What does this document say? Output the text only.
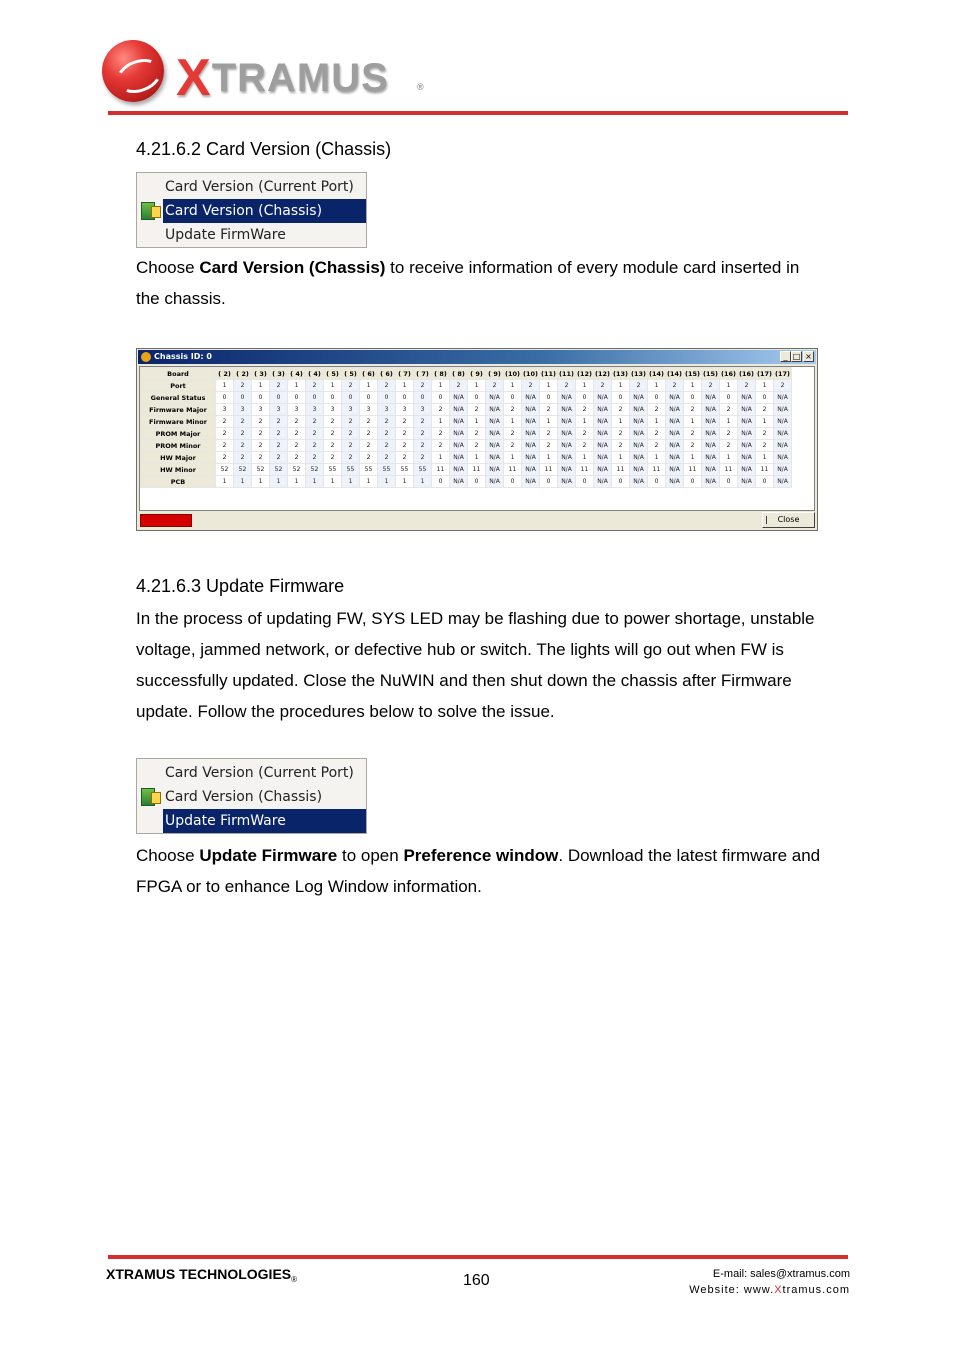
XTRAMUS	®
4.21.6.2 Card Version (Chassis)
Card Version (Current Port)
Card Version (Chassis)
Update FirmWare
Choose Card Version (Chassis) to receive information of every module card inserted in the chassis.
Chassis ID: 0	_ □ ×
Board	( 2)	( 2)	( 3)	( 3)	( 4)	( 4)	( 5)	( 5)	( 6)	( 6)	( 7)	( 7)	( 8)	( 8)	( 9)	( 9)	(10)	(10)	(11)	(11)	(12)	(12)	(13)	(13)	(14)	(14)	(15)	(15)	(16)	(16)	(17)	(17)
Port	1	2	1	2	1	2	1	2	1	2	1	2	1	2	1	2	1	2	1	2	1	2	1	2	1	2	1	2	1	2	1	2
General Status	0	0	0	0	0	0	0	0	0	0	0	0	0	N/A	0	N/A	0	N/A	0	N/A	0	N/A	0	N/A	0	N/A	0	N/A	0	N/A	0	N/A
Firmware Major	3	3	3	3	3	3	3	3	3	3	3	3	2	N/A	2	N/A	2	N/A	2	N/A	2	N/A	2	N/A	2	N/A	2	N/A	2	N/A	2	N/A
Firmware Minor	2	2	2	2	2	2	2	2	2	2	2	2	1	N/A	1	N/A	1	N/A	1	N/A	1	N/A	1	N/A	1	N/A	1	N/A	1	N/A	1	N/A
PROM Major	2	2	2	2	2	2	2	2	2	2	2	2	2	N/A	2	N/A	2	N/A	2	N/A	2	N/A	2	N/A	2	N/A	2	N/A	2	N/A	2	N/A
PROM Minor	2	2	2	2	2	2	2	2	2	2	2	2	2	N/A	2	N/A	2	N/A	2	N/A	2	N/A	2	N/A	2	N/A	2	N/A	2	N/A	2	N/A
HW Major	2	2	2	2	2	2	2	2	2	2	2	2	1	N/A	1	N/A	1	N/A	1	N/A	1	N/A	1	N/A	1	N/A	1	N/A	1	N/A	1	N/A
HW Minor	52	52	52	52	52	52	55	55	55	55	55	55	11	N/A	11	N/A	11	N/A	11	N/A	11	N/A	11	N/A	11	N/A	11	N/A	11	N/A	11	N/A
PCB	1	1	1	1	1	1	1	1	1	1	1	1	0	N/A	0	N/A	0	N/A	0	N/A	0	N/A	0	N/A	0	N/A	0	N/A	0	N/A	0	N/A
Close
4.21.6.3 Update Firmware
In the process of updating FW, SYS LED may be flashing due to power shortage, unstable voltage, jammed network, or defective hub or switch. The lights will go out when FW is successfully updated. Close the NuWIN and then shut down the chassis after Firmware update. Follow the procedures below to solve the issue.
Card Version (Current Port)
Card Version (Chassis)
Update FirmWare
Choose Update Firmware to open Preference window. Download the latest firmware and FPGA or to enhance Log Window information.
XTRAMUS $TECHNOLOGIES_®$	160	E-mail: sales@xtramus.com
Website: www.Xtramus.com
